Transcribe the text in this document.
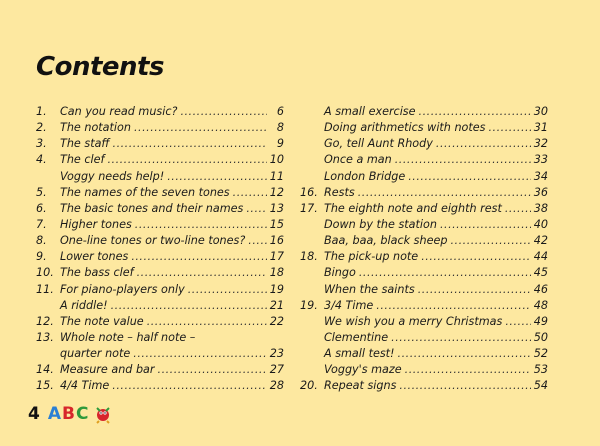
Contents
1.	Can you read music? .....	6
2.	The notation .....	8
3.	The staff .....	9
4.	The clef .....	10
Voggy needs help! .....	11
5.	The names of the seven tones .....	12
6.	The basic tones and their names ..... 13
7.	Higher tones .....	15
8.	One-line tones or two-line tones? ..... 16
9.	Lower tones .....	17
10. The bass clef .....	18
11. For piano-players only .....	19
A riddle! .....	21
12. The note value .....	22
13. Whole note – half note –
quarter note .....	23
14. Measure and bar .....	27
15. 4/4 Time .....	28
A small exercise .....	30
Doing arithmetics with notes .....	31
Go, tell Aunt Rhody .....	32
Once a man .....	33
London Bridge .....	34
16. Rests .....	36
17. The eighth note and eighth rest .....	38
Down by the station .....	40
Baa, baa, black sheep .....	42
18. The pick-up note .....	44
Bingo .....	45
When the saints .....	46
19. 3/4 Time .....	48
We wish you a merry Christmas .....	49
Clementine .....	50
A small test! .....	52
Voggy's maze .....	53
20. Repeat signs .....	54
4 ABC
